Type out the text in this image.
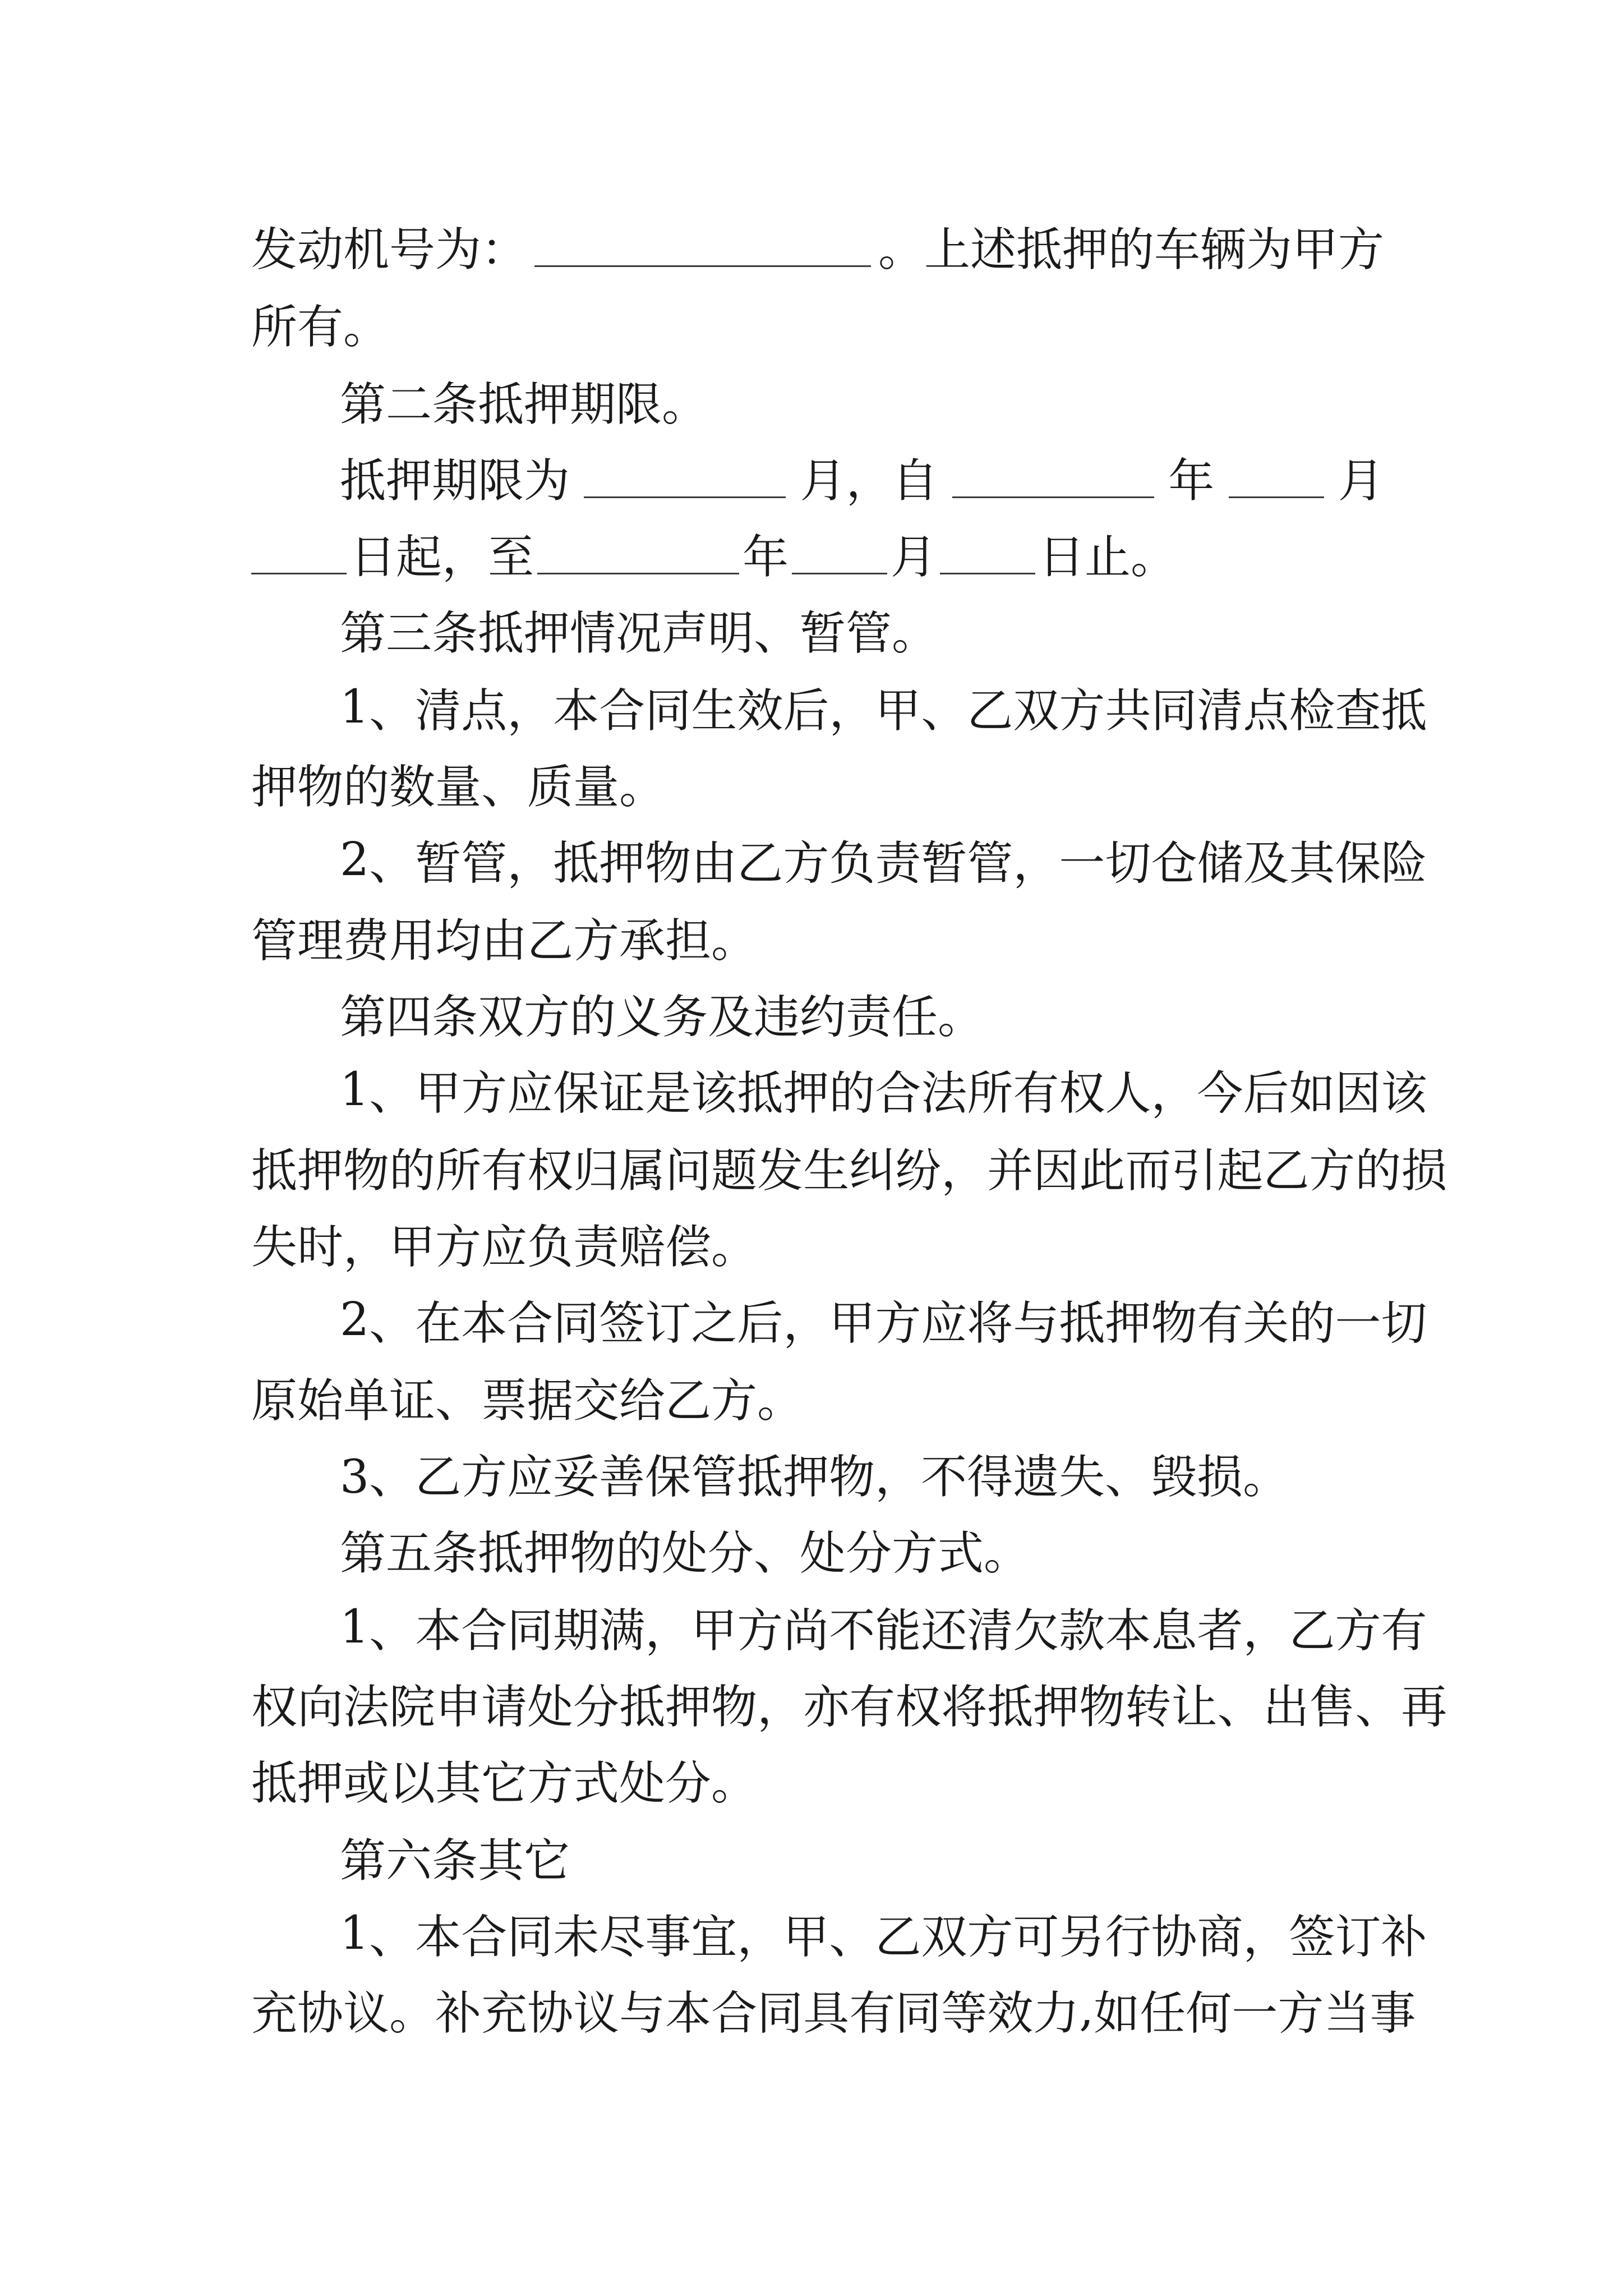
发动机号为：	。上述抵押的车辆为甲方
所有。
第二条抵押期限。
抵押期限为	月，自	年	月
日起，至	年 月 日止。
第三条抵押情况声明、暂管。
1 、 清 点 ， 本 合 同 生 效 后 ， 甲 、 乙 双 方 共 同 清 点 检 查 抵
押物的数量、质量。
2 、 暂 管 ， 抵 押 物 由 乙 方 负 责 暂 管 ， 一 切 仓 储 及 其 保 险
管理费用均由乙方承担。
第四条双方的义务及违约责任。
1 、 甲 方 应 保 证 是 该 抵 押 的 合 法 所 有 权 人 ， 今 后 如 因 该
抵 押 物 的 所 有 权 归 属 问 题 发 生 纠 纷 ， 并 因 此 而 引 起 乙 方 的 损
失时，甲方应负责赔偿。
2 、 在 本 合 同 签 订 之 后 ， 甲 方 应 将 与 抵 押 物 有 关 的 一 切
原始单证、票据交给乙方。
3、乙方应妥善保管抵押物，不得遗失、毁损。
第五条抵押物的处分、处分方式。
1 、 本 合 同 期 满 ， 甲 方 尚 不 能 还 清 欠 款 本 息 者 ， 乙 方 有
权 向 法 院 申 请 处 分 抵 押 物 ， 亦 有 权 将 抵 押 物 转 让 、 出 售 、 再
抵押或以其它方式处分。
第六条其它
1 、 本 合 同 未 尽 事 宜 ， 甲 、 乙 双 方 可 另 行 协 商 ， 签 订 补
充 协 议 。 补 充 协 议 与 本 合 同 具 有 同 等 效 力 , 如 任 何 一 方 当 事
